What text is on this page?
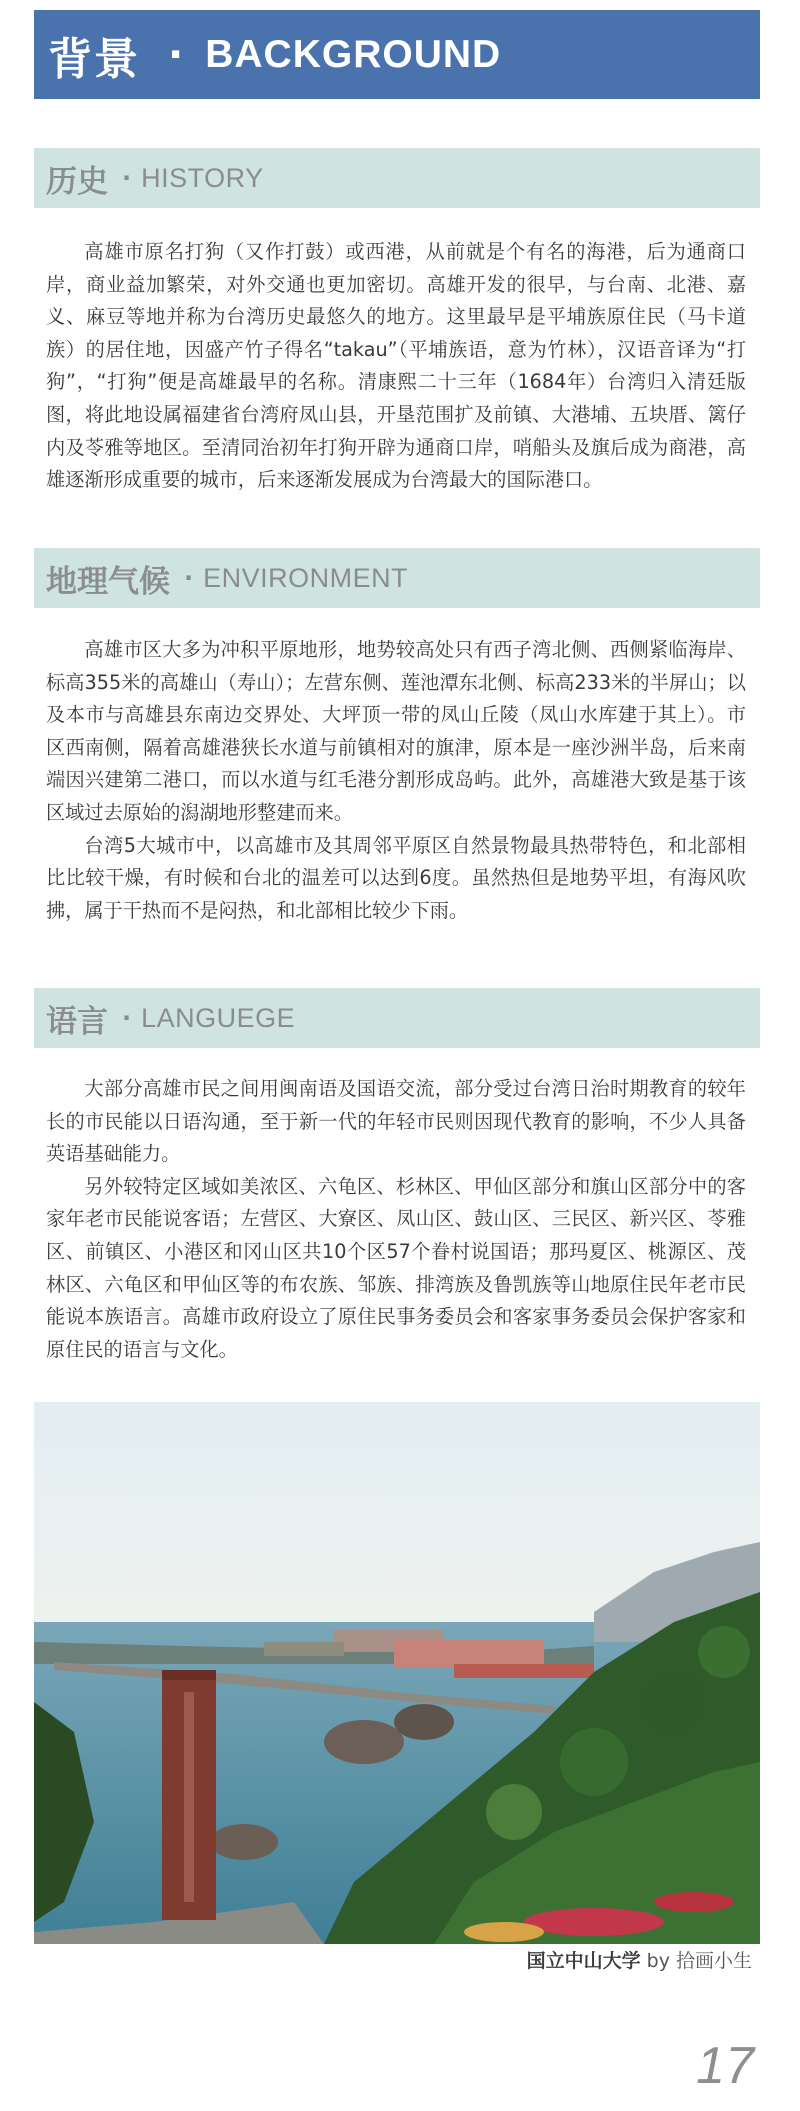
背景 · BACKGROUND
历史 · HISTORY

高雄市原名打狗（又作打鼓）或西港，从前就是个有名的海港，后为通商口岸，商业益加繁荣，对外交通也更加密切。高雄开发的很早，与台南、北港、嘉义、麻豆等地并称为台湾历史最悠久的地方。这里最早是平埔族原住民（马卡道族）的居住地，因盛产竹子得名“takau”（平埔族语，意为竹林），汉语音译为“打狗”，“打狗”便是高雄最早的名称。清康熙二十三年（1684年）台湾归入清廷版图，将此地设属福建省台湾府凤山县，开垦范围扩及前镇、大港埔、五块厝、篱仔内及苓雅等地区。至清同治初年打狗开辟为通商口岸，哨船头及旗后成为商港，高雄逐渐形成重要的城市，后来逐渐发展成为台湾最大的国际港口。

地理气候 · ENVIRONMENT

高雄市区大多为冲积平原地形，地势较高处只有西子湾北侧、西侧紧临海岸、标高355米的高雄山（寿山）；左营东侧、莲池潭东北侧、标高233米的半屏山；以及本市与高雄县东南边交界处、大坪顶一带的凤山丘陵（凤山水库建于其上）。市区西南侧，隔着高雄港狭长水道与前镇相对的旗津，原本是一座沙洲半岛，后来南端因兴建第二港口，而以水道与红毛港分割形成岛屿。此外，高雄港大致是基于该区域过去原始的潟湖地形整建而来。

台湾5大城市中，以高雄市及其周邻平原区自然景物最具热带特色，和北部相比比较干燥，有时候和台北的温差可以达到6度。虽然热但是地势平坦，有海风吹拂，属于干热而不是闷热，和北部相比较少下雨。

语言 · LANGUEGE

大部分高雄市民之间用闽南语及国语交流，部分受过台湾日治时期教育的较年长的市民能以日语沟通，至于新一代的年轻市民则因现代教育的影响，不少人具备英语基础能力。

另外较特定区域如美浓区、六龟区、杉林区、甲仙区部分和旗山区部分中的客家年老市民能说客语；左营区、大寮区、凤山区、鼓山区、三民区、新兴区、苓雅区、前镇区、小港区和冈山区共10个区57个眷村说国语；那玛夏区、桃源区、茂林区、六龟区和甲仙区等的布农族、邹族、排湾族及鲁凯族等山地原住民年老市民能说本族语言。高雄市政府设立了原住民事务委员会和客家事务委员会保护客家和原住民的语言与文化。

国立中山大学 by 拾画小生
17
